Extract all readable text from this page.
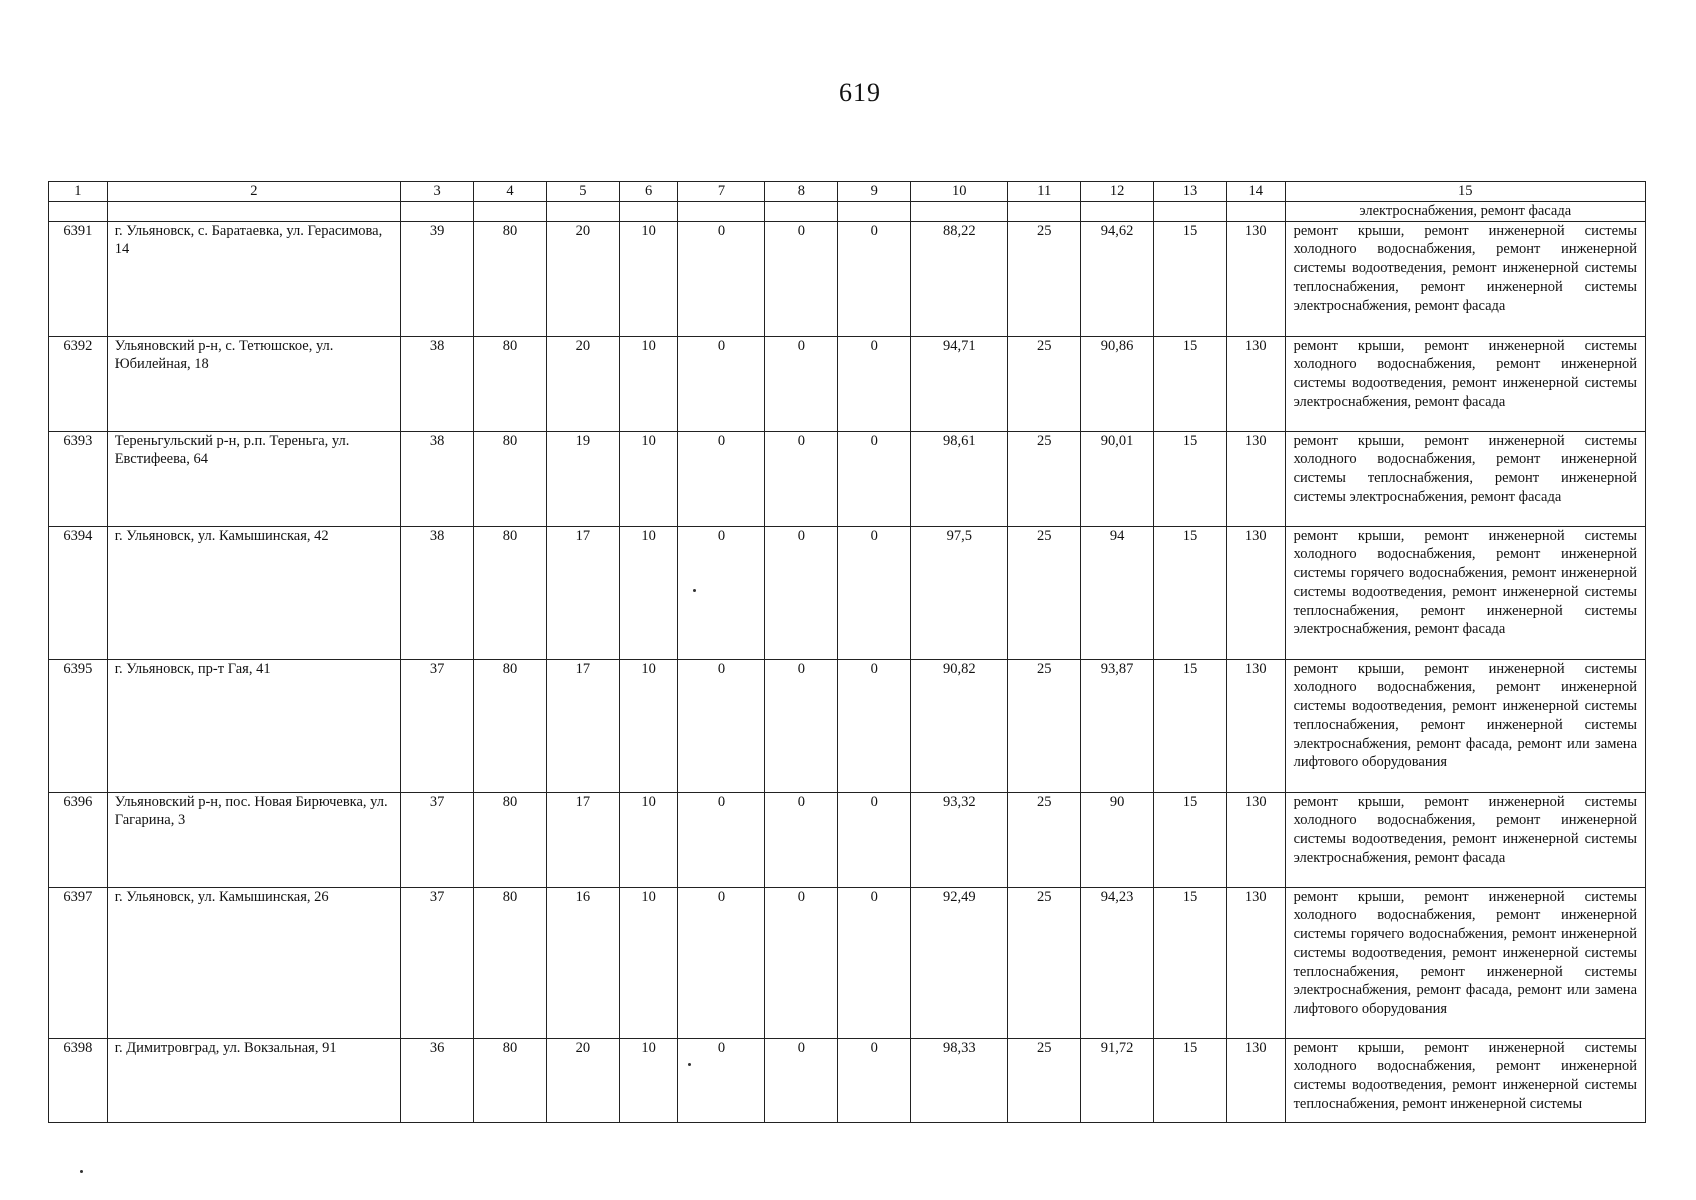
619
1	2	3	4	5	6	7	8	9	10	11	12	13	14	15
														электроснабжения, ремонт фасада
6391	г. Ульяновск, с. Баратаевка, ул. Герасимова, 14	39	80	20	10	0	0	0	88,22	25	94,62	15	130	ремонт крыши, ремонт инженерной системы холодного водоснабжения, ремонт инженерной системы водоотведения, ремонт инженерной системы теплоснабжения, ремонт инженерной системы электроснабжения, ремонт фасада
6392	Ульяновский р-н, с. Тетюшское, ул. Юбилейная, 18	38	80	20	10	0	0	0	94,71	25	90,86	15	130	ремонт крыши, ремонт инженерной системы холодного водоснабжения, ремонт инженерной системы водоотведения, ремонт инженерной системы электроснабжения, ремонт фасада
6393	Тереньгульский р-н, р.п. Тереньга, ул. Евстифеева, 64	38	80	19	10	0	0	0	98,61	25	90,01	15	130	ремонт крыши, ремонт инженерной системы холодного водоснабжения, ремонт инженерной системы теплоснабжения, ремонт инженерной системы электроснабжения, ремонт фасада
6394	г. Ульяновск, ул. Камышинская, 42	38	80	17	10	0	0	0	97,5	25	94	15	130	ремонт крыши, ремонт инженерной системы холодного водоснабжения, ремонт инженерной системы горячего водоснабжения, ремонт инженерной системы водоотведения, ремонт инженерной системы теплоснабжения, ремонт инженерной системы электроснабжения, ремонт фасада
6395	г. Ульяновск, пр-т Гая, 41	37	80	17	10	0	0	0	90,82	25	93,87	15	130	ремонт крыши, ремонт инженерной системы холодного водоснабжения, ремонт инженерной системы водоотведения, ремонт инженерной системы теплоснабжения, ремонт инженерной системы электроснабжения, ремонт фасада, ремонт или замена лифтового оборудования
6396	Ульяновский р-н, пос. Новая Бирючевка, ул. Гагарина, 3	37	80	17	10	0	0	0	93,32	25	90	15	130	ремонт крыши, ремонт инженерной системы холодного водоснабжения, ремонт инженерной системы водоотведения, ремонт инженерной системы электроснабжения, ремонт фасада
6397	г. Ульяновск, ул. Камышинская, 26	37	80	16	10	0	0	0	92,49	25	94,23	15	130	ремонт крыши, ремонт инженерной системы холодного водоснабжения, ремонт инженерной системы горячего водоснабжения, ремонт инженерной системы водоотведения, ремонт инженерной системы теплоснабжения, ремонт инженерной системы электроснабжения, ремонт фасада, ремонт или замена лифтового оборудования
6398	г. Димитровград, ул. Вокзальная, 91	36	80	20	10	0	0	0	98,33	25	91,72	15	130	ремонт крыши, ремонт инженерной системы холодного водоснабжения, ремонт инженерной системы водоотведения, ремонт инженерной системы теплоснабжения, ремонт инженерной системы
